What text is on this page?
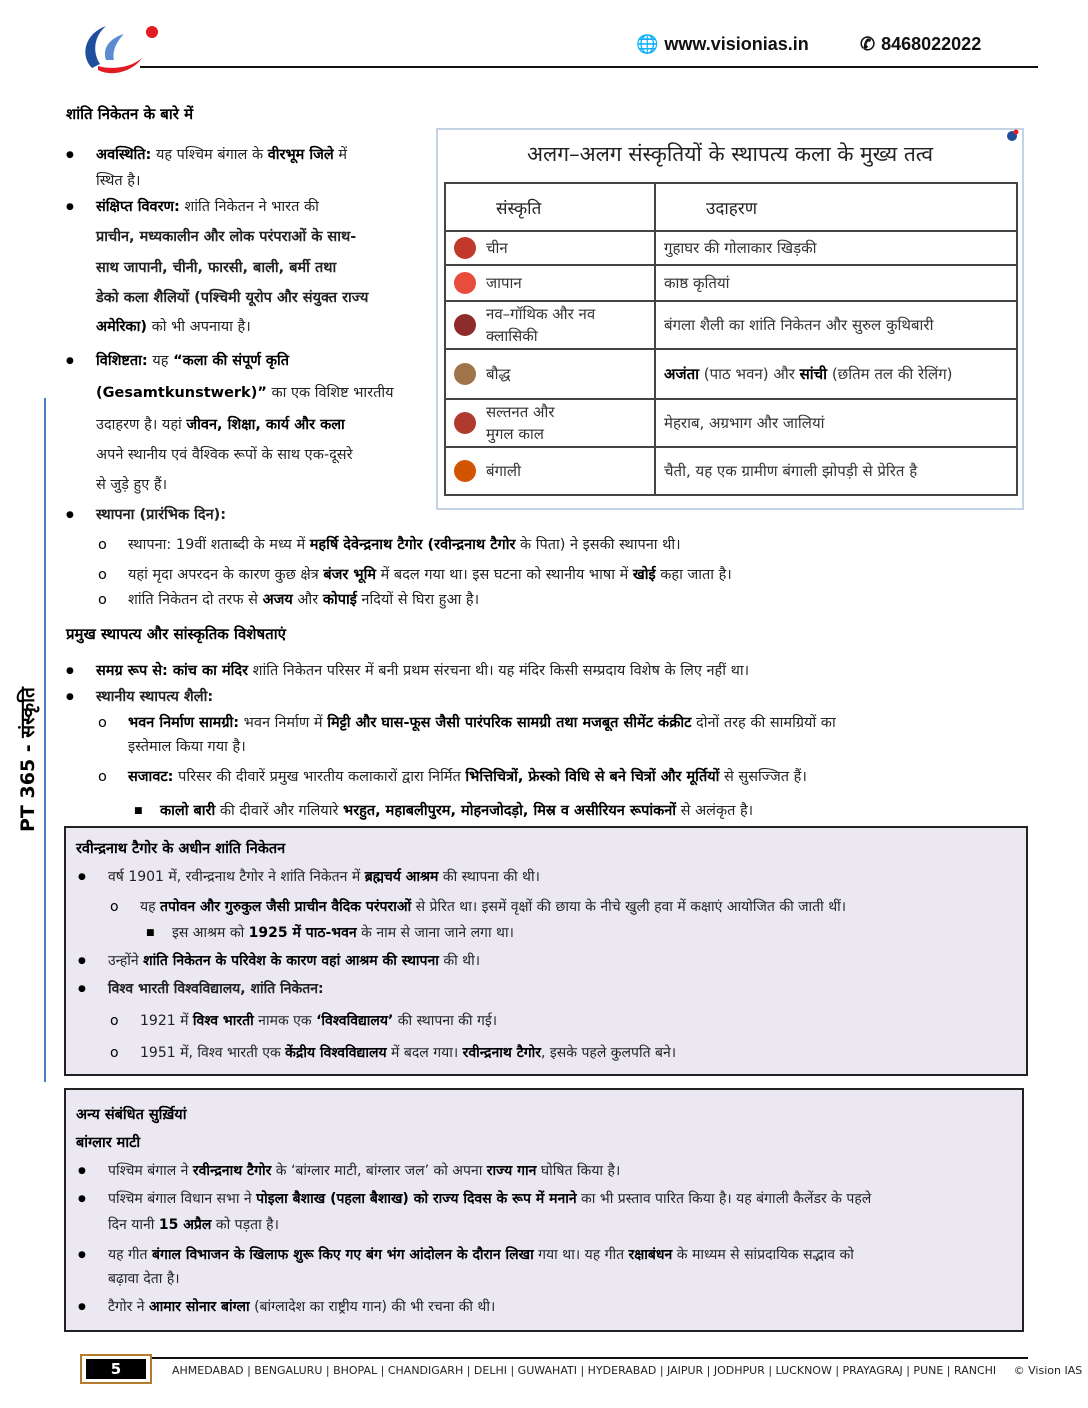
🌐 www.visionias.in	✆ 8468022022
PT 365 - संस्कृति
शांति निकेतन के बारे में
● अवस्थिति: यह पश्चिम बंगाल के वीरभूम जिले में
स्थित है।
● संक्षिप्त विवरण: शांति निकेतन ने भारत की
प्राचीन, मध्यकालीन और लोक परंपराओं के साथ-
साथ जापानी, चीनी, फारसी, बाली, बर्मी तथा
डेको कला शैलियों (पश्चिमी यूरोप और संयुक्त राज्य
अमेरिका) को भी अपनाया है।
● विशिष्टता: यह “कला की संपूर्ण कृति
(Gesamtkunstwerk)” का एक विशिष्ट भारतीय
उदाहरण है। यहां जीवन, शिक्षा, कार्य और कला
अपने स्थानीय एवं वैश्विक रूपों के साथ एक-दूसरे
से जुड़े हुए हैं।
● स्थापना (प्रारंभिक दिन):
o स्थापना: 19वीं शताब्दी के मध्य में महर्षि देवेन्द्रनाथ टैगोर (रवीन्द्रनाथ टैगोर के पिता) ने इसकी स्थापना थी।
o यहां मृदा अपरदन के कारण कुछ क्षेत्र बंजर भूमि में बदल गया था। इस घटना को स्थानीय भाषा में खोई कहा जाता है।
o शांति निकेतन दो तरफ से अजय और कोपाई नदियों से घिरा हुआ है।
अलग–अलग संस्कृतियों के स्थापत्य कला के मुख्य तत्व
संस्कृति	उदाहरण

चीन	गुहाघर की गोलाकार खिड़की

जापान	काष्ठ कृतियां

नव–गॉथिक और नव क्लासिकी	बंगला शैली का शांति निकेतन और सुरुल कुथिबारी

बौद्ध	अजंता (पाठ भवन) और सांची (छतिम तल की रेलिंग)

सल्तनत और मुगल काल	मेहराब, अग्रभाग और जालियां

बंगाली	चैती, यह एक ग्रामीण बंगाली झोपड़ी से प्रेरित है
प्रमुख स्थापत्य और सांस्कृतिक विशेषताएं
● समग्र रूप से: कांच का मंदिर शांति निकेतन परिसर में बनी प्रथम संरचना थी। यह मंदिर किसी सम्प्रदाय विशेष के लिए नहीं था।
● स्थानीय स्थापत्य शैली:
o भवन निर्माण सामग्री: भवन निर्माण में मिट्टी और घास-फूस जैसी पारंपरिक सामग्री तथा मजबूत सीमेंट कंक्रीट दोनों तरह की सामग्रियों का
इस्तेमाल किया गया है।
o सजावट: परिसर की दीवारें प्रमुख भारतीय कलाकारों द्वारा निर्मित भित्तिचित्रों, फ्रेस्को विधि से बने चित्रों और मूर्तियों से सुसज्जित हैं।
■ कालो बारी की दीवारें और गलियारे भरहुत, महाबलीपुरम, मोहनजोदड़ो, मिस्र व असीरियन रूपांकनों से अलंकृत है।
रवीन्द्रनाथ टैगोर के अधीन शांति निकेतन
● वर्ष 1901 में, रवीन्द्रनाथ टैगोर ने शांति निकेतन में ब्रह्मचर्य आश्रम की स्थापना की थी।
o यह तपोवन और गुरुकुल जैसी प्राचीन वैदिक परंपराओं से प्रेरित था। इसमें वृक्षों की छाया के नीचे खुली हवा में कक्षाएं आयोजित की जाती थीं।
■ इस आश्रम को 1925 में पाठ-भवन के नाम से जाना जाने लगा था।
● उन्होंने शांति निकेतन के परिवेश के कारण वहां आश्रम की स्थापना की थी।
● विश्व भारती विश्वविद्यालय, शांति निकेतन:
o 1921 में विश्व भारती नामक एक ‘विश्वविद्यालय’ की स्थापना की गई।
o 1951 में, विश्व भारती एक केंद्रीय विश्वविद्यालय में बदल गया। रवीन्द्रनाथ टैगोर, इसके पहले कुलपति बने।
अन्य संबंधित सुर्ख़ियां
बांग्लार माटी
● पश्चिम बंगाल ने रवीन्द्रनाथ टैगोर के ‘बांग्लार माटी, बांग्लार जल’ को अपना राज्य गान घोषित किया है।
● पश्चिम बंगाल विधान सभा ने पोइला बैशाख (पहला बैशाख) को राज्य दिवस के रूप में मनाने का भी प्रस्ताव पारित किया है। यह बंगाली कैलेंडर के पहले
दिन यानी 15 अप्रैल को पड़ता है।
● यह गीत बंगाल विभाजन के खिलाफ शुरू किए गए बंग भंग आंदोलन के दौरान लिखा गया था। यह गीत रक्षाबंधन के माध्यम से सांप्रदायिक सद्भाव को
बढ़ावा देता है।
● टैगोर ने आमार सोनार बांग्ला (बांग्लादेश का राष्ट्रीय गान) की भी रचना की थी।
5	AHMEDABAD | BENGALURU | BHOPAL | CHANDIGARH | DELHI | GUWAHATI | HYDERABAD | JAIPUR | JODHPUR | LUCKNOW | PRAYAGRAJ | PUNE | RANCHI © Vision IAS
